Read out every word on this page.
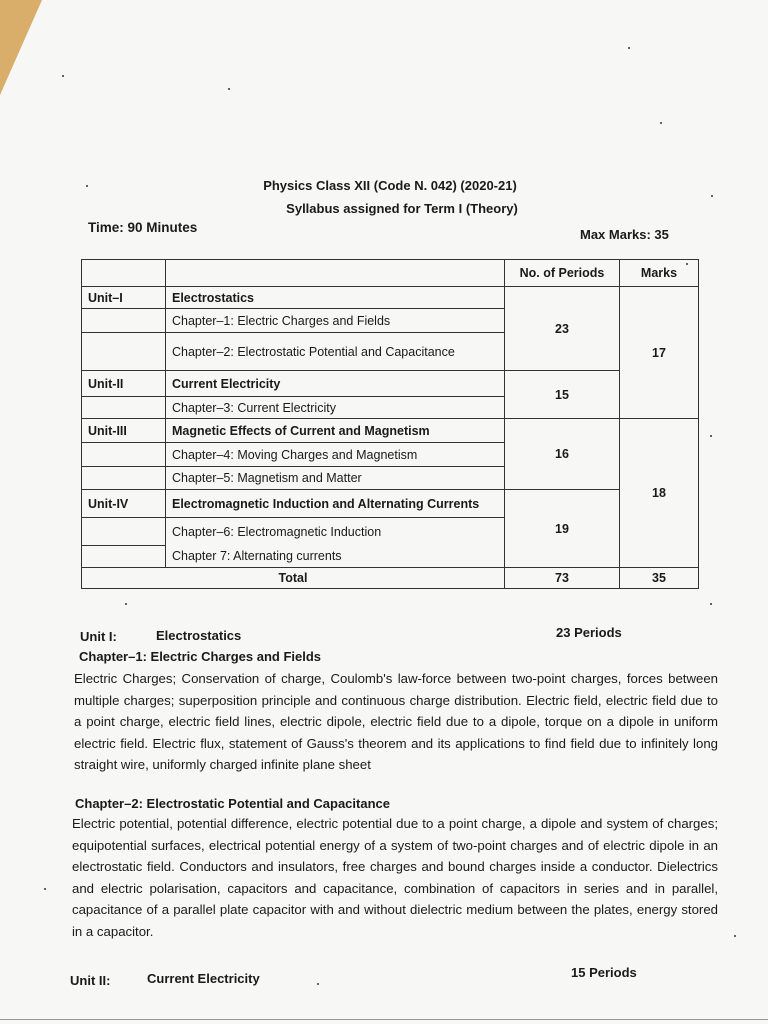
Physics Class XII (Code N. 042) (2020-21)
Syllabus assigned for Term I (Theory)
Time: 90 Minutes	Max Marks: 35
		No. of Periods	Marks
Unit–I	Electrostatics	23	17
	Chapter–1: Electric Charges and Fields		
	Chapter–2: Electrostatic Potential and Capacitance		
Unit-II	Current Electricity	15	
	Chapter–3: Current Electricity		
Unit-III	Magnetic Effects of Current and Magnetism	16	18
	Chapter–4: Moving Charges and Magnetism		
	Chapter–5: Magnetism and Matter		
Unit-IV	Electromagnetic Induction and Alternating Currents	19	
	Chapter–6: Electromagnetic Induction		
	Chapter 7: Alternating currents		
Total		73	35
Unit I:	Electrostatics	23 Periods
Chapter–1: Electric Charges and Fields
Electric Charges; Conservation of charge, Coulomb's law-force between two-point charges, forces between multiple charges; superposition principle and continuous charge distribution. Electric field, electric field due to a point charge, electric field lines, electric dipole, electric field due to a dipole, torque on a dipole in uniform electric field. Electric flux, statement of Gauss's theorem and its applications to find field due to infinitely long straight wire, uniformly charged infinite plane sheet
Chapter–2: Electrostatic Potential and Capacitance
Electric potential, potential difference, electric potential due to a point charge, a dipole and system of charges; equipotential surfaces, electrical potential energy of a system of two-point charges and of electric dipole in an electrostatic field. Conductors and insulators, free charges and bound charges inside a conductor. Dielectrics and electric polarisation, capacitors and capacitance, combination of capacitors in series and in parallel, capacitance of a parallel plate capacitor with and without dielectric medium between the plates, energy stored in a capacitor.
Unit II:	Current Electricity	15 Periods
